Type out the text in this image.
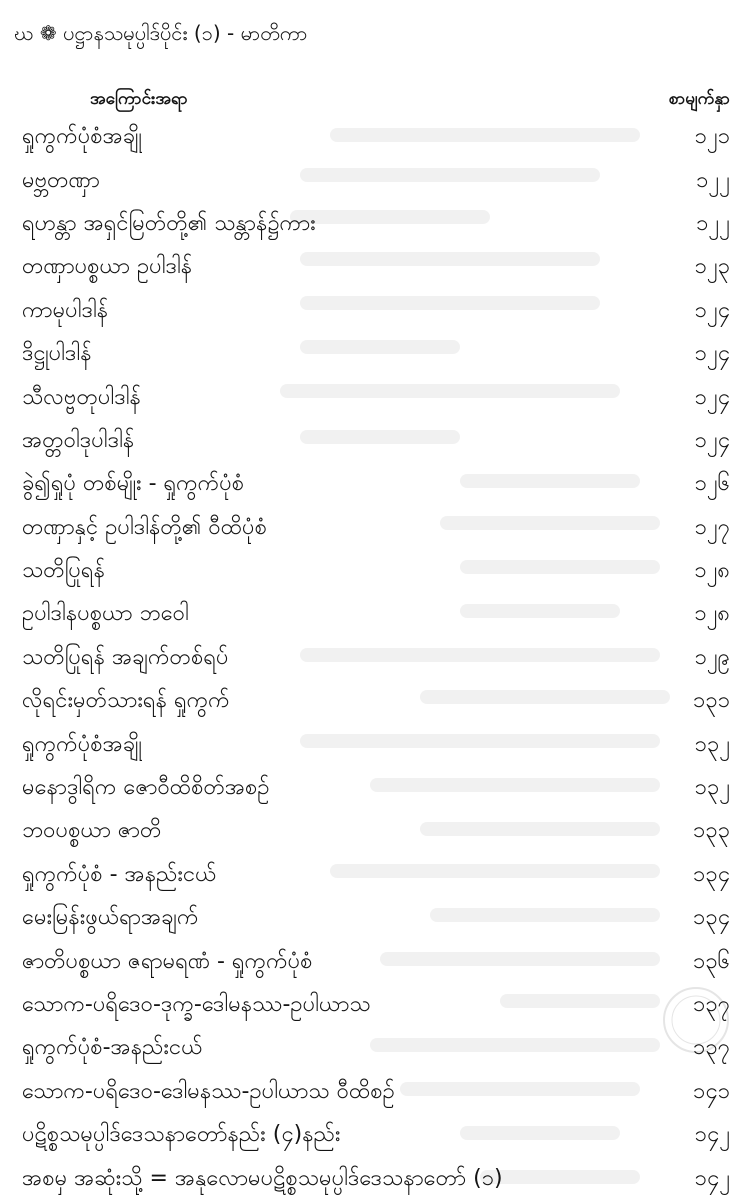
ဃ ❁ ပဋ္ဌာနသမုပ္ပါဒ်ပိုင်း (၁) - မာတိကာ
အကြောင်းအရာ	စာမျက်နှာ
ရှုကွက်ပုံစံအချို့	၁၂၁
မဗ္ဘတဏှာ	၁၂၂
ရဟန္တာ အရှင်မြတ်တို့၏ သန္တာန်၌ကား	၁၂၂
တဏှာပစ္စယာ ဥပါဒါန်	၁၂၃
ကာမုပါဒါန်	၁၂၄
ဒိဋ္ဌုပါဒါန်	၁၂၄
သီလဗ္ဗတုပါဒါန်	၁၂၄
အတ္တဝါဒုပါဒါန်	၁၂၄
ခွဲ၍ရှုပုံ တစ်မျိုး - ရှုကွက်ပုံစံ	၁၂၆
တဏှာနှင့် ဥပါဒါန်တို့၏ ဝီထိပုံစံ	၁၂၇
သတိပြုရန်	၁၂၈
ဥပါဒါနပစ္စယာ ဘဝေါ	၁၂၈
သတိပြုရန် အချက်တစ်ရပ်	၁၂၉
လိုရင်းမှတ်သားရန် ရှုကွက်	၁၃၁
ရှုကွက်ပုံစံအချို့	၁၃၂
မနောဒွါရိက ဇောဝီထိစိတ်အစဉ်	၁၃၂
ဘဝပစ္စယာ ဇာတိ	၁၃၃
ရှုကွက်ပုံစံ - အနည်းငယ်	၁၃၄
မေးမြန်းဖွယ်ရာအချက်	၁၃၄
ဇာတိပစ္စယာ ဇရာမရဏံ - ရှုကွက်ပုံစံ	၁၃၆
သောက-ပရိဒေဝ-ဒုက္ခ-ဒေါမနဿ-ဥပါယာသ	၁၃၇
ရှုကွက်ပုံစံ-အနည်းငယ်	၁၃၇
သောက-ပရိဒေဝ-ဒေါမနဿ-ဥပါယာသ ဝီထိစဉ်	၁၄၁
ပဋိစ္စသမုပ္ပါဒ်ဒေသနာတော်နည်း (၄)နည်း	၁၄၂
အစမှ အဆုံးသို့ = အနုလောမပဋိစ္စသမုပ္ပါဒ်ဒေသနာတော် (၁)	၁၄၂
